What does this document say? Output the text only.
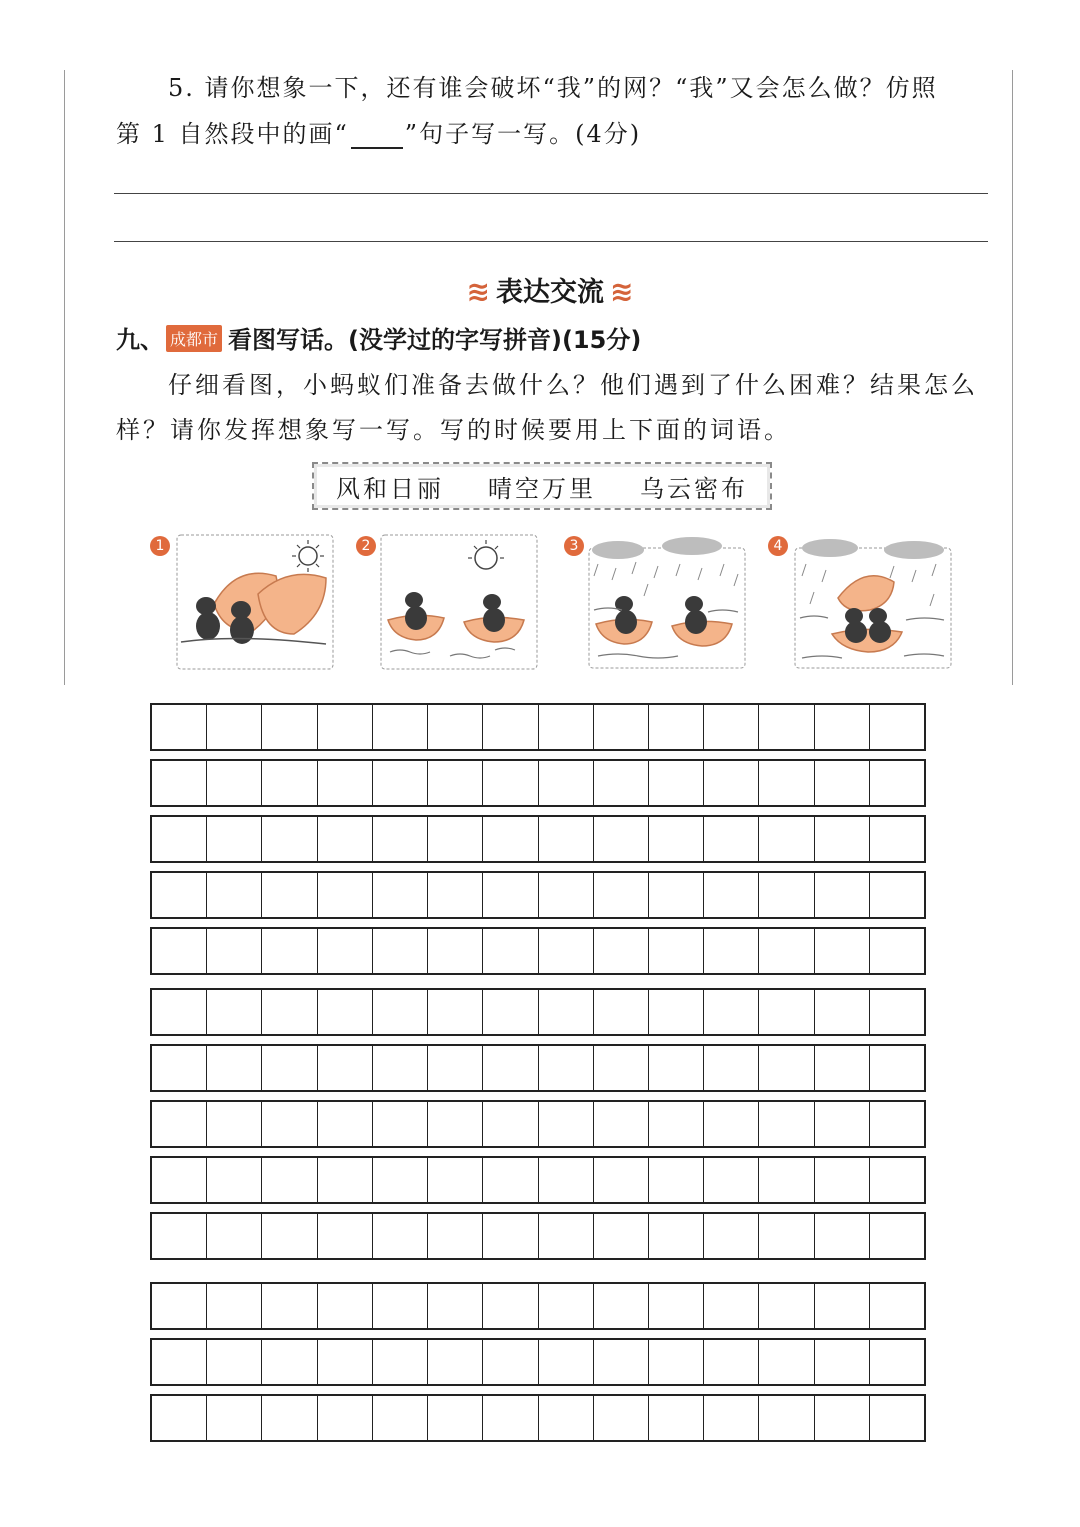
5. 请你想象一下，还有谁会破坏“我”的网？“我”又会怎么做？仿照
第 1 自然段中的画“ ”句子写一写。(4分)
≋ 表达交流 ≋
九、 成都市 看图写话。(没学过的字写拼音)(15分)
仔细看图，小蚂蚁们准备去做什么？他们遇到了什么困难？结果怎么
样？请你发挥想象写一写。写的时候要用上下面的词语。
风和日丽 晴空万里 乌云密布
1	2	3	4
